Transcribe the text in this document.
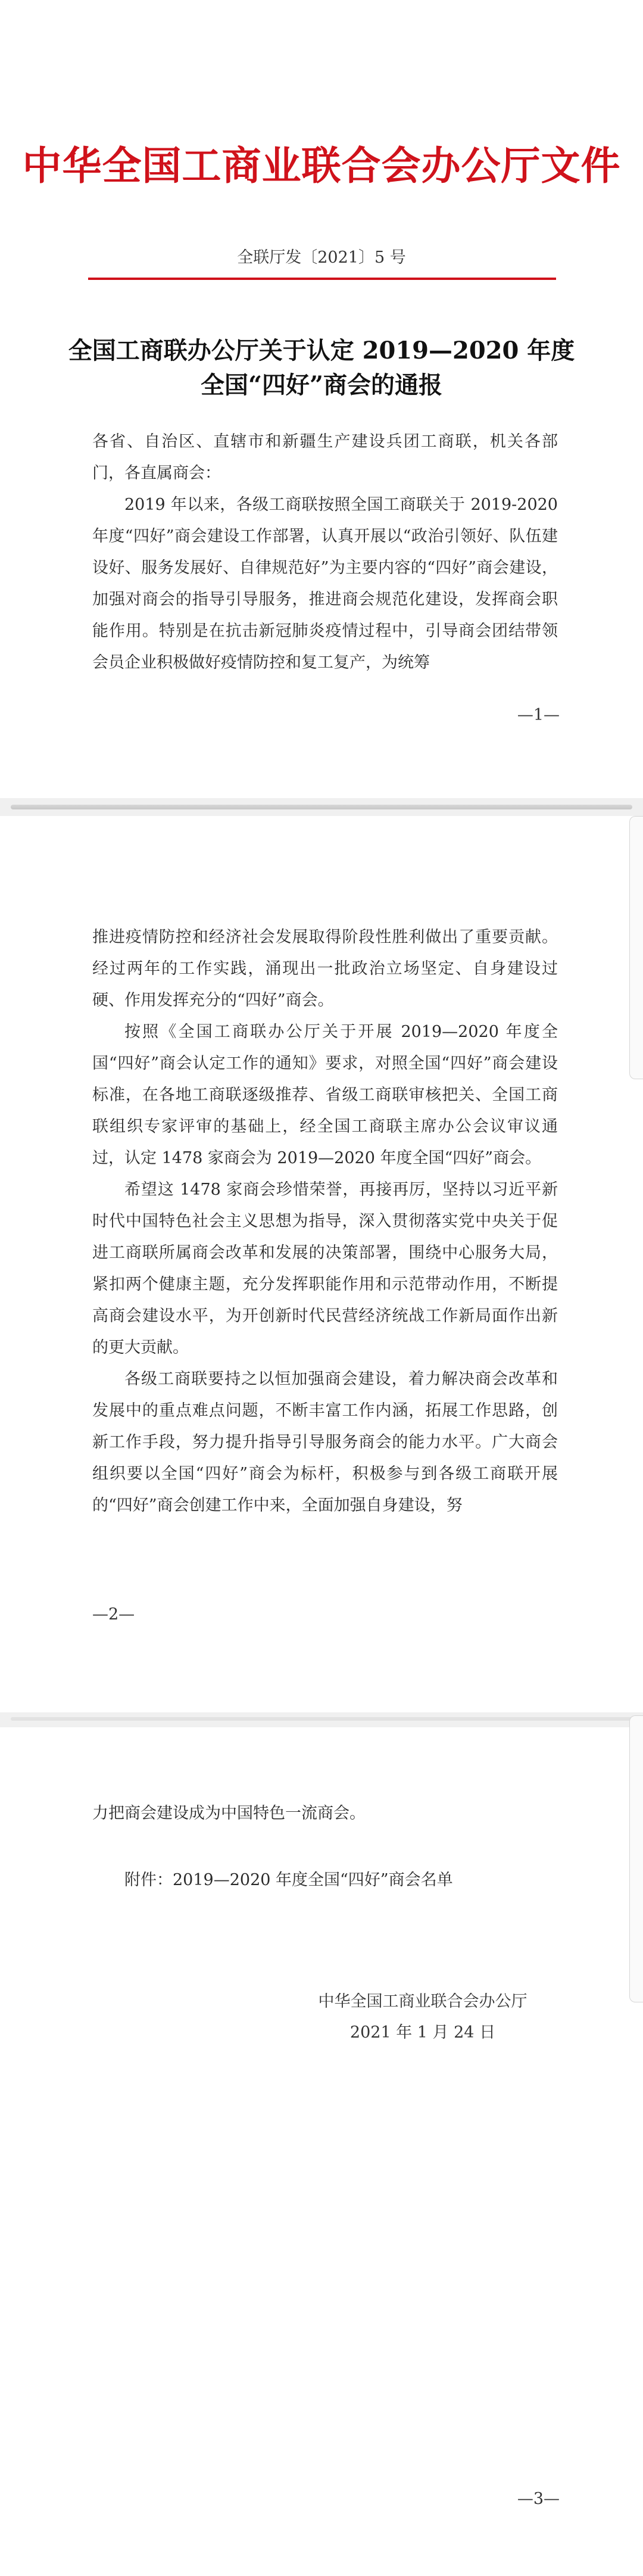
中华全国工商业联合会办公厅文件
全联厅发〔2021〕5 号
全国工商联办公厅关于认定 2019—2020 年度
全国“四好”商会的通报

各省、自治区、直辖市和新疆生产建设兵团工商联，机关各部门，各直属商会：

2019 年以来，各级工商联按照全国工商联关于 2019-2020 年度“四好”商会建设工作部署，认真开展以“政治引领好、队伍建设好、服务发展好、自律规范好”为主要内容的“四好”商会建设，加强对商会的指导引导服务，推进商会规范化建设，发挥商会职能作用。特别是在抗击新冠肺炎疫情过程中，引导商会团结带领会员企业积极做好疫情防控和复工复产，为统筹

—1—

推进疫情防控和经济社会发展取得阶段性胜利做出了重要贡献。经过两年的工作实践，涌现出一批政治立场坚定、自身建设过硬、作用发挥充分的“四好”商会。

按照《全国工商联办公厅关于开展 2019—2020 年度全国“四好”商会认定工作的通知》要求，对照全国“四好”商会建设标准，在各地工商联逐级推荐、省级工商联审核把关、全国工商联组织专家评审的基础上，经全国工商联主席办公会议审议通过，认定 1478 家商会为 2019—2020 年度全国“四好”商会。

希望这 1478 家商会珍惜荣誉，再接再厉，坚持以习近平新时代中国特色社会主义思想为指导，深入贯彻落实党中央关于促进工商联所属商会改革和发展的决策部署，围绕中心服务大局，紧扣两个健康主题，充分发挥职能作用和示范带动作用，不断提高商会建设水平，为开创新时代民营经济统战工作新局面作出新的更大贡献。

各级工商联要持之以恒加强商会建设，着力解决商会改革和发展中的重点难点问题，不断丰富工作内涵，拓展工作思路，创新工作手段，努力提升指导引导服务商会的能力水平。广大商会组织要以全国“四好”商会为标杆，积极参与到各级工商联开展的“四好”商会创建工作中来，全面加强自身建设，努

—2—

力把商会建设成为中国特色一流商会。

附件：2019—2020 年度全国“四好”商会名单

中华全国工商业联合会办公厅
2021 年 1 月 24 日
—3—
